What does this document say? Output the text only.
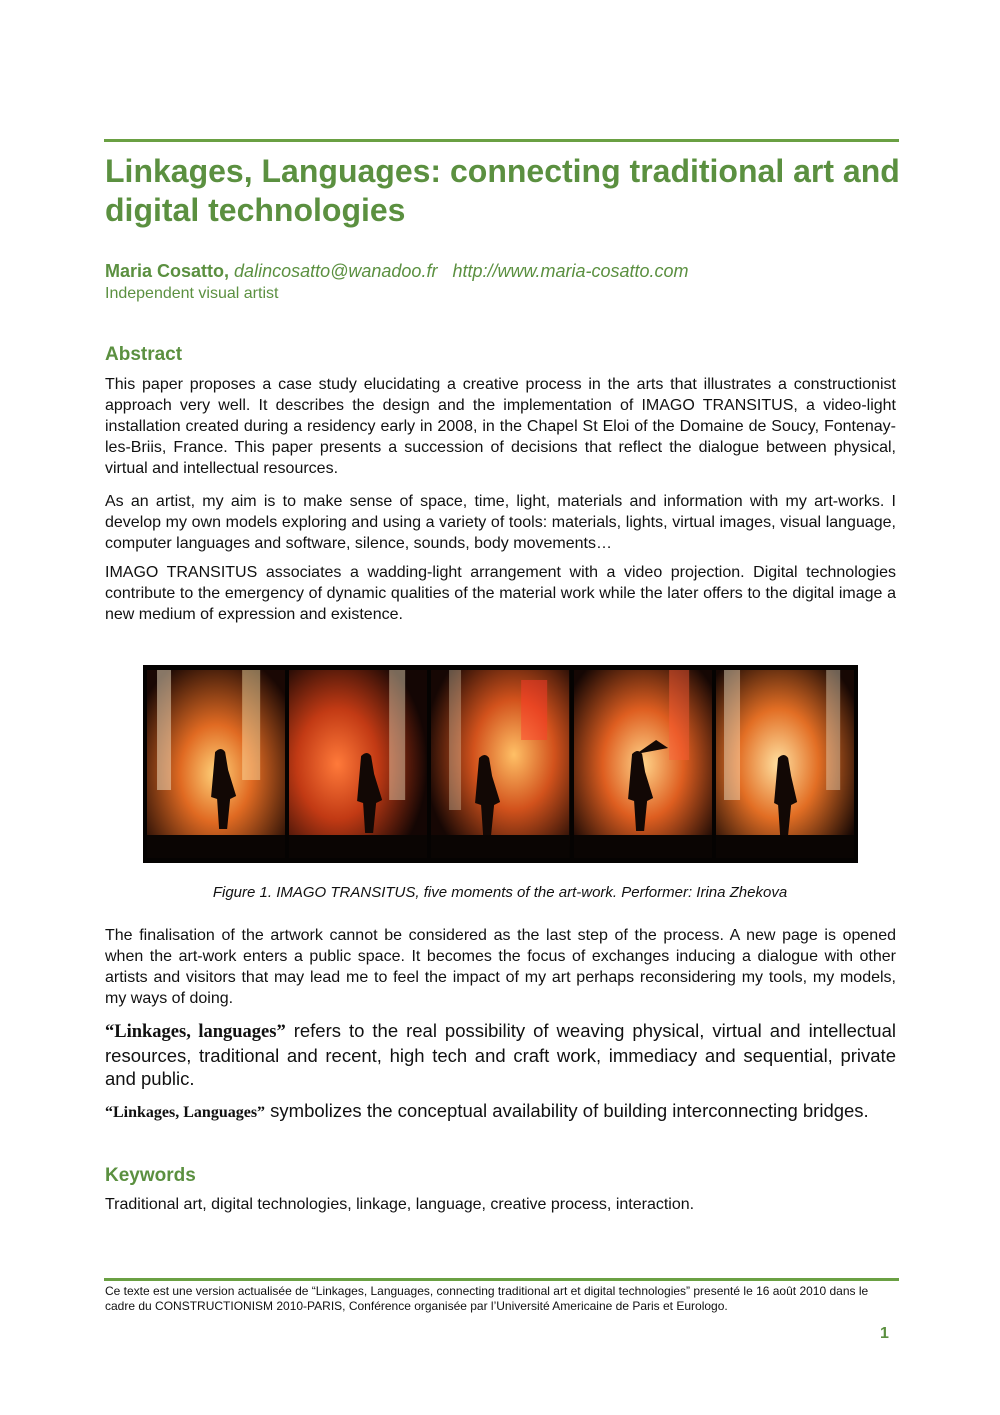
Linkages, Languages: connecting traditional art and digital technologies
Maria Cosatto, dalincosatto@wanadoo.fr http://www.maria-cosatto.com
Independent visual artist
Abstract

This paper proposes a case study elucidating a creative process in the arts that illustrates a constructionist approach very well. It describes the design and the implementation of IMAGO TRANSITUS, a video-light installation created during a residency early in 2008, in the Chapel St Eloi of the Domaine de Soucy, Fontenay-les-Briis, France. This paper presents a succession of decisions that reflect the dialogue between physical, virtual and intellectual resources.

As an artist, my aim is to make sense of space, time, light, materials and information with my art-works. I develop my own models exploring and using a variety of tools: materials, lights, virtual images, visual language, computer languages and software, silence, sounds, body movements…

IMAGO TRANSITUS associates a wadding-light arrangement with a video projection. Digital technologies contribute to the emergency of dynamic qualities of the material work while the later offers to the digital image a new medium of expression and existence.

Figure 1. IMAGO TRANSITUS, five moments of the art-work. Performer: Irina Zhekova

The finalisation of the artwork cannot be considered as the last step of the process. A new page is opened when the art-work enters a public space. It becomes the focus of exchanges inducing a dialogue with other artists and visitors that may lead me to feel the impact of my art perhaps reconsidering my tools, my models, my ways of doing.

“Linkages, languages” refers to the real possibility of weaving physical, virtual and intellectual resources, traditional and recent, high tech and craft work, immediacy and sequential, private and public.

“Linkages, Languages” symbolizes the conceptual availability of building interconnecting bridges.

Keywords

Traditional art, digital technologies, linkage, language, creative process, interaction.

Ce texte est une version actualisée de “Linkages, Languages, connecting traditional art et digital technologies” presenté le 16 août 2010 dans le cadre du CONSTRUCTIONISM 2010-PARIS, Conférence organisée par l’Université Americaine de Paris et Eurologo.
1
